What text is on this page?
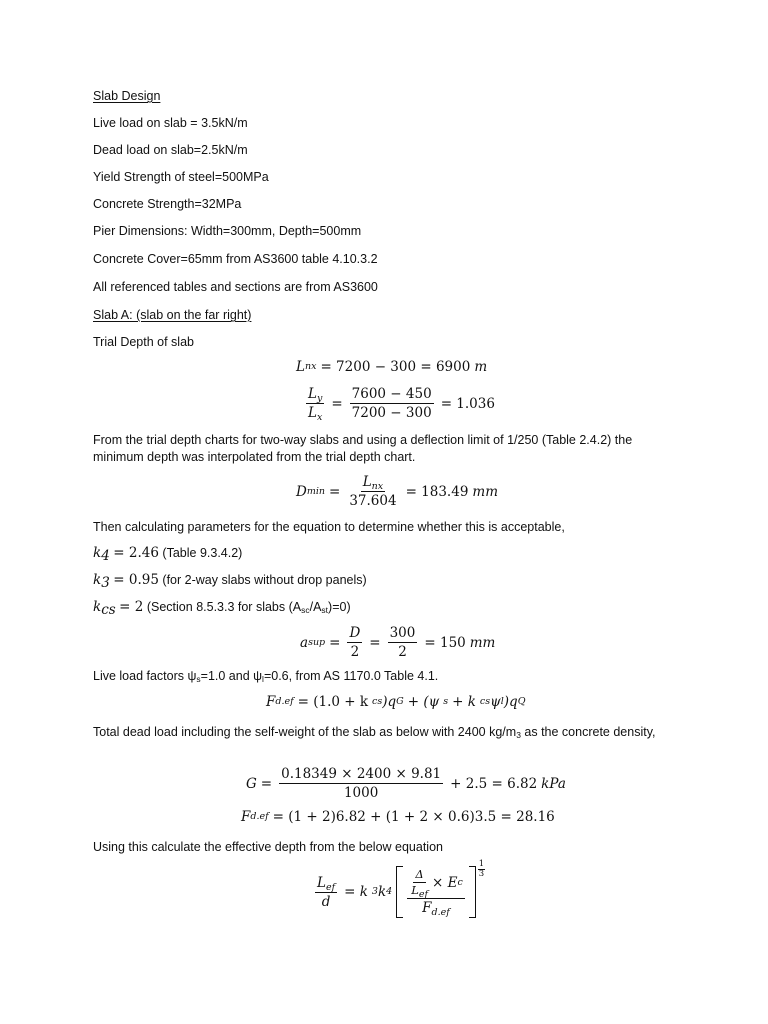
Slab Design
Live load on slab = 3.5kN/m
Dead load on slab=2.5kN/m
Yield Strength of steel=500MPa
Concrete Strength=32MPa
Pier Dimensions: Width=300mm, Depth=500mm
Concrete Cover=65mm from AS3600 table 4.10.3.2
All referenced tables and sections are from AS3600
Slab A: (slab on the far right)
Trial Depth of slab
L nx = 7200 − 300 = 6900 m
$\frac{L_y}{L_x} = \frac{7600 - 450}{7200 - 300} = 1.036$
From the trial depth charts for two-way slabs and using a deflection limit of 1/250 (Table 2.4.2) the minimum depth was interpolated from the trial depth chart.
D $\min = \frac{L_{nx}}{37.604} = 183.49$ mm
Then calculating parameters for the equation to determine whether this is acceptable,
$k_4 = 2.46$ (Table 9.3.4.2)
$k_3 = 0.95$ (for 2-way slabs without drop panels)
$k_{cs} = 2$ (Section 8.5.3.3 for slabs $(A_{sc}/A_{st})=0$)
a sup = $\frac{D}{2} = \frac{300}{2} = 150$ mm
Live load factors $\psi_s=1.0$ and $\psi_l=0.6$, from AS 1170.0 Table 4.1.
F d.ef = (1.0 + k cs )q G + (ψ s + k cs ψ l )q Q
Total dead load including the self-weight of the slab as below with 2400 $kg/m^3$ as the concrete density,
$G = \frac{0.18349 \times 2400 \times 9.81}{1000} + 2.5 = 6.82$ kPa
F d.ef = (1 + 2)6.82 + (1 + 2 × 0.6)3.5 = 28.16
Using this calculate the effective depth from the below equation
$\frac{L_{ef}}{d} = k$ 3 k $4 \frac{\frac{\Delta}{L_{ef}} \times E c}{F_{d.ef}} \frac{1}{3}$
